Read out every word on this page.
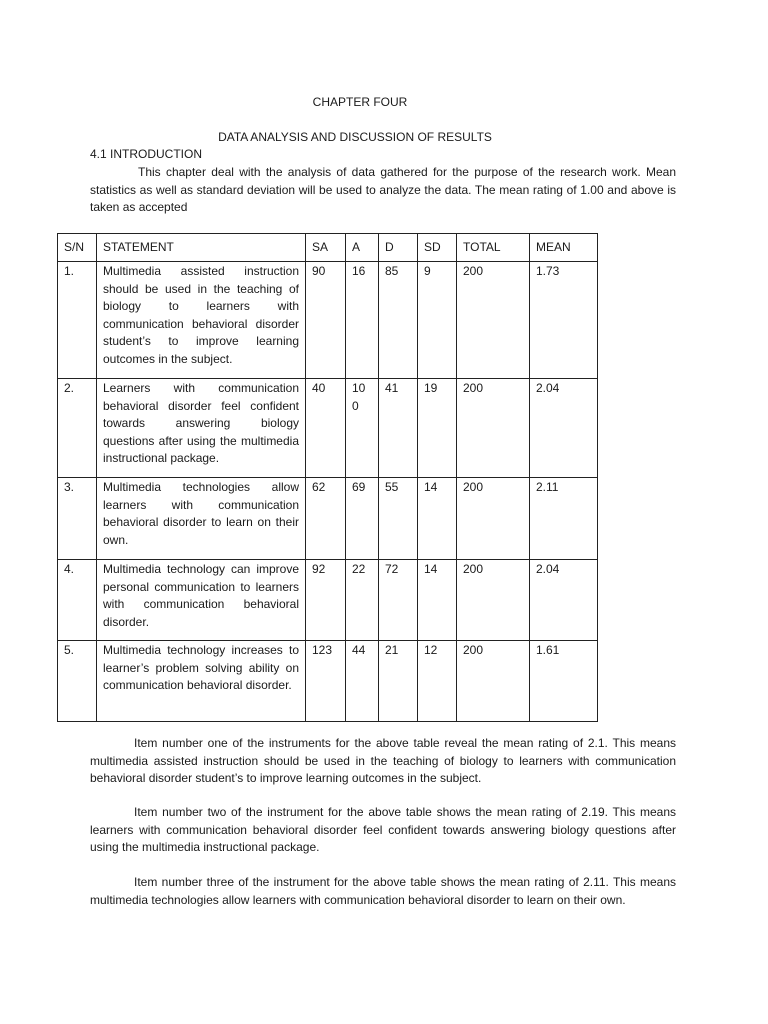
CHAPTER FOUR
DATA ANALYSIS AND DISCUSSION OF RESULTS
4.1 INTRODUCTION

This chapter deal with the analysis of data gathered for the purpose of the research work. Mean statistics as well as standard deviation will be used to analyze the data. The mean rating of 1.00 and above is taken as accepted

S/N	STATEMENT	SA	A	D	SD	TOTAL	MEAN
1.	Multimedia assisted instruction should be used in the teaching of biology to learners with communication behavioral disorder student’s to improve learning outcomes in the subject.	90	16	85	9	200	1.73
2.	Learners with communication behavioral disorder feel confident towards answering biology questions after using the multimedia instructional package.	40	100	41	19	200	2.04
3.	Multimedia technologies allow learners with communication behavioral disorder to learn on their own.	62	69	55	14	200	2.11
4.	Multimedia technology can improve personal communication to learners with communication behavioral disorder.	92	22	72	14	200	2.04
5.	Multimedia technology increases to learner’s problem solving ability on communication behavioral disorder.	123	44	21	12	200	1.61

Item number one of the instruments for the above table reveal the mean rating of 2.1. This means multimedia assisted instruction should be used in the teaching of biology to learners with communication behavioral disorder student’s to improve learning outcomes in the subject.

Item number two of the instrument for the above table shows the mean rating of 2.19. This means learners with communication behavioral disorder feel confident towards answering biology questions after using the multimedia instructional package.

Item number three of the instrument for the above table shows the mean rating of 2.11. This means multimedia technologies allow learners with communication behavioral disorder to learn on their own.
